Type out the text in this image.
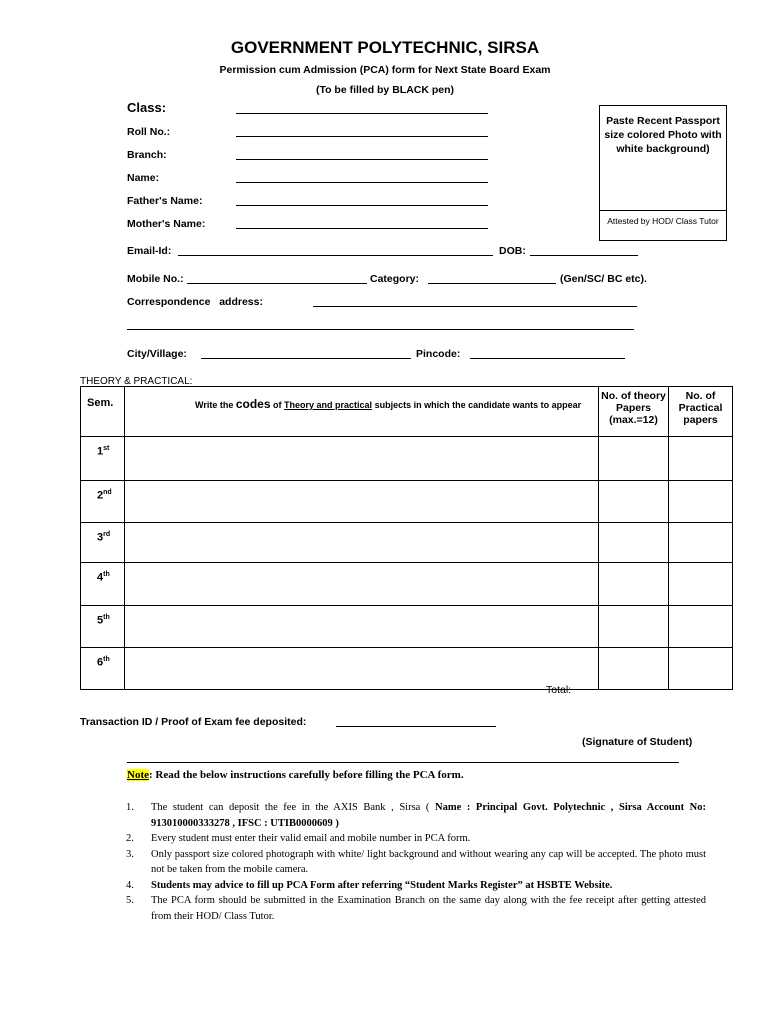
GOVERNMENT POLYTECHNIC, SIRSA
Permission cum Admission (PCA) form for Next State Board Exam
(To be filled by BLACK pen)
Class:
Roll No.:
Branch:
Name:
Father's Name:
Mother's Name:
Paste Recent Passport size colored Photo with white background)
Attested by HOD/ Class Tutor
Email-Id:	DOB:
Mobile No.:	Category:	(Gen/SC/ BC etc).
Correspondence   address:
City/Village:	Pincode:
THEORY & PRACTICAL:
Sem.	Write the codes of Theory and practical subjects in which the candidate wants to appear	No. of theory Papers (max.=12)	No. of Practical papers

1st

2nd

3rd

4th

5th

6th

Total:
Transaction ID / Proof of Exam fee deposited:
(Signature of Student)
Note: Read the below instructions carefully before filling the PCA form.
1. The student can deposit the fee in the AXIS Bank , Sirsa ( Name : Principal Govt. Polytechnic , Sirsa Account No: 913010000333278 , IFSC : UTIB0000609 )
2. Every student must enter their valid email and mobile number in PCA form.
3. Only passport size colored photograph with white/ light background and without wearing any cap will be accepted. The photo must not be taken from the mobile camera.
4. Students may advice to fill up PCA Form after referring “Student Marks Register” at HSBTE Website.
5. The PCA form should be submitted in the Examination Branch on the same day along with the fee receipt after getting attested from their HOD/ Class Tutor.
